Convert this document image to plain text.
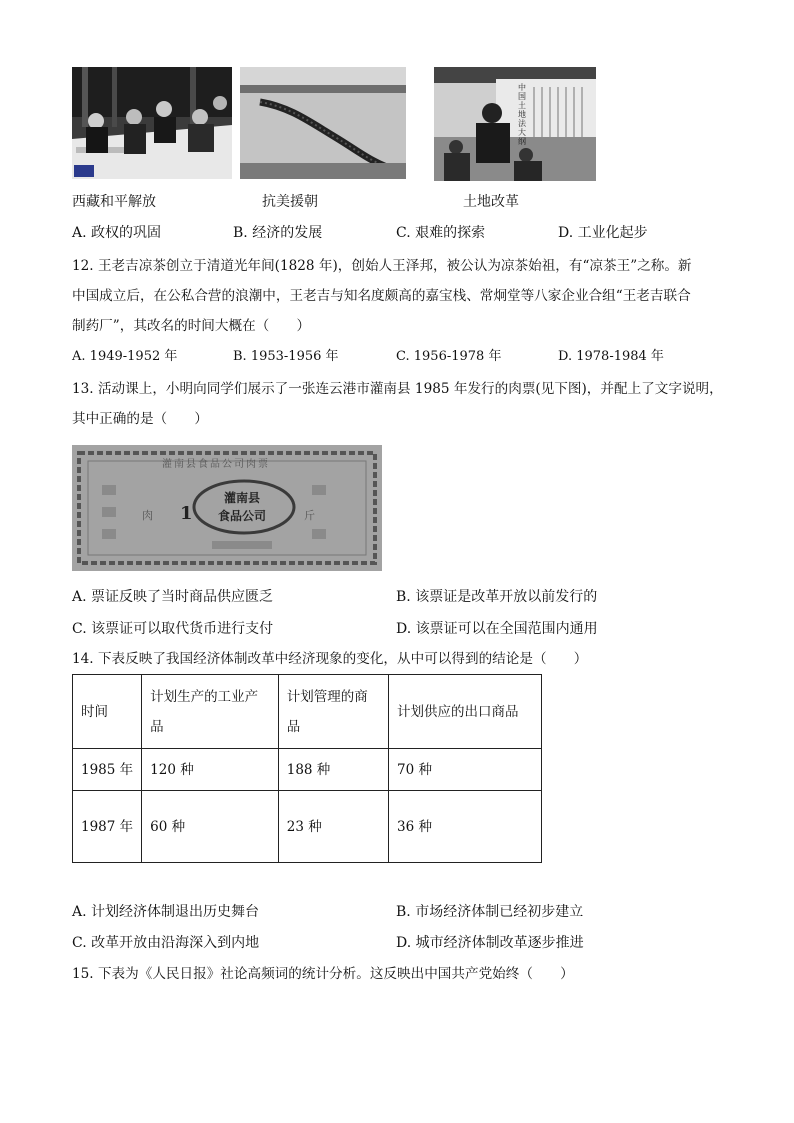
中国土地法大纲
西藏和平解放	抗美援朝	土地改革
A. 政权的巩固	B. 经济的发展	C. 艰难的探索	D. 工业化起步
12. 王老吉凉茶创立于清道光年间(1828 年)，创始人王泽邦，被公认为凉茶始祖，有“凉茶王”之称。新
中国成立后，在公私合营的浪潮中，王老吉与知名度颇高的嘉宝栈、常炯堂等八家企业合组“王老吉联合
制药厂”，其改名的时间大概在（　　）
A. 1949-1952 年	B. 1953-1956 年	C. 1956-1978 年	D. 1978-1984 年
13. 活动课上，小明向同学们展示了一张连云港市灌南县 1985 年发行的肉票(见下图)，并配上了文字说明，
其中正确的是（　　）
灌南县食品公司肉票
灌南县
食品公司
1
肉	斤
A. 票证反映了当时商品供应匮乏	B. 该票证是改革开放以前发行的
C. 该票证可以取代货币进行支付	D. 该票证可以在全国范围内通用
14. 下表反映了我国经济体制改革中经济现象的变化，从中可以得到的结论是（　　）
时间	计划生产的工业产品	计划管理的商品	计划供应的出口商品
1985 年	120 种	188 种	70 种
1987 年	60 种	23 种	36 种
A. 计划经济体制退出历史舞台	B. 市场经济体制已经初步建立
C. 改革开放由沿海深入到内地	D. 城市经济体制改革逐步推进
15. 下表为《人民日报》社论高频词的统计分析。这反映出中国共产党始终（　　）
